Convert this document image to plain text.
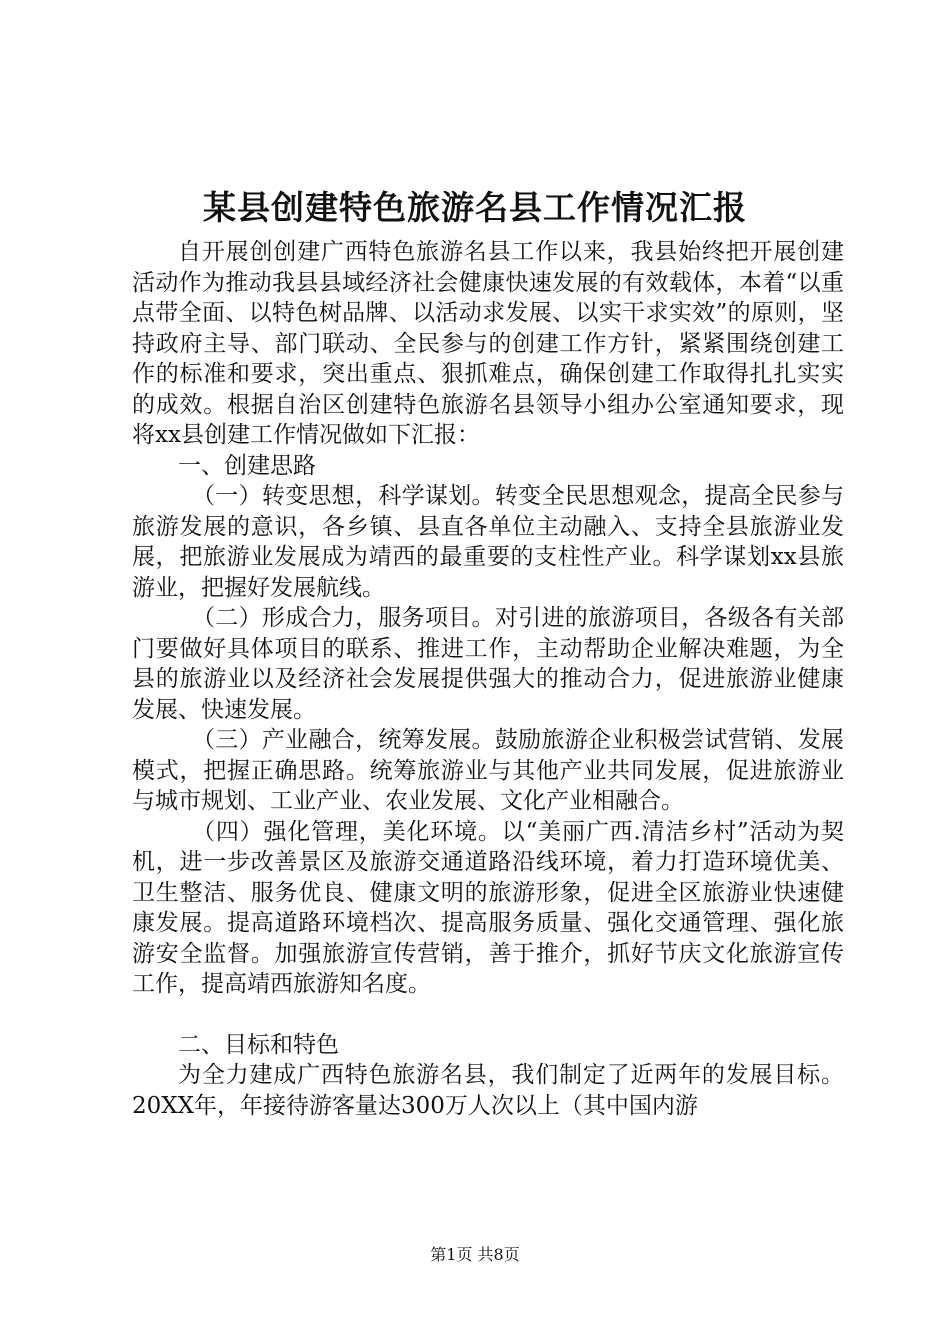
某县创建特色旅游名县工作情况汇报

自开展创创建广西特色旅游名县工作以来，我县始终把开展创建活动作为推动我县县域经济社会健康快速发展的有效载体，本着“以重点带全面、以特色树品牌、以活动求发展、以实干求实效”的原则，坚持政府主导、部门联动、全民参与的创建工作方针，紧紧围绕创建工作的标准和要求，突出重点、狠抓难点，确保创建工作取得扎扎实实的成效。根据自治区创建特色旅游名县领导小组办公室通知要求，现将xx县创建工作情况做如下汇报：

一、创建思路

（一）转变思想，科学谋划。转变全民思想观念，提高全民参与旅游发展的意识，各乡镇、县直各单位主动融入、支持全县旅游业发展，把旅游业发展成为靖西的最重要的支柱性产业。科学谋划xx县旅游业，把握好发展航线。

（二）形成合力，服务项目。对引进的旅游项目，各级各有关部门要做好具体项目的联系、推进工作，主动帮助企业解决难题，为全县的旅游业以及经济社会发展提供强大的推动合力，促进旅游业健康发展、快速发展。

（三）产业融合，统筹发展。鼓励旅游企业积极尝试营销、发展模式，把握正确思路。统筹旅游业与其他产业共同发展，促进旅游业与城市规划、工业产业、农业发展、文化产业相融合。

（四）强化管理，美化环境。以“美丽广西.清洁乡村”活动为契机，进一步改善景区及旅游交通道路沿线环境，着力打造环境优美、卫生整洁、服务优良、健康文明的旅游形象，促进全区旅游业快速健康发展。提高道路环境档次、提高服务质量、强化交通管理、强化旅游安全监督。加强旅游宣传营销，善于推介，抓好节庆文化旅游宣传工作，提高靖西旅游知名度。

二、目标和特色

为全力建成广西特色旅游名县，我们制定了近两年的发展目标。20XX年，年接待游客量达300万人次以上（其中国内游

第1页 共8页
